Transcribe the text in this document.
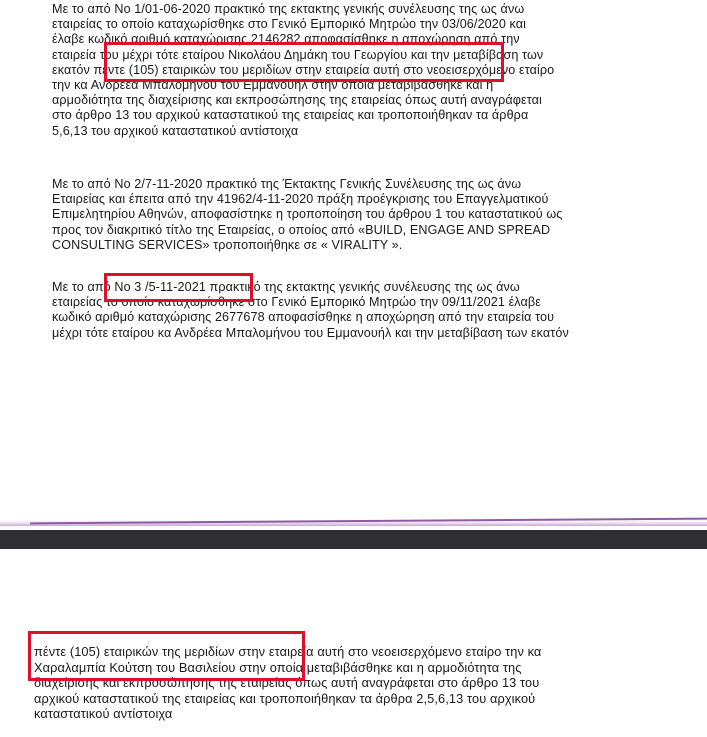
Με το από Νο 1/01-06-2020 πρακτικό της εκτακτης γενικής συνέλευσης της ως άνω
εταιρείας το οποίο καταχωρίσθηκε στο Γενικό Εμπορικό Μητρώο την 03/06/2020 και
έλαβε κωδικό αριθμό καταχώρισης 2146282 αποφασίσθηκε η αποχώρηση από την
εταιρεία του μέχρι τότε εταίρου Νικολάου Δημάκη του Γεωργίου και την μεταβίβαση των
εκατόν πέντε (105) εταιρικών του μεριδίων στην εταιρεία αυτή στο νεοεισερχόμενο εταίρο
την κα Ανδρέεα Μπαλομήνου του Εμμανουήλ στην οποία μεταβιβάσθηκε και η
αρμοδιότητα της διαχείρισης και εκπροσώπησης της εταιρείας όπως αυτή αναγράφεται
στο άρθρο 13 του αρχικού καταστατικού της εταιρείας και τροποποιήθηκαν τα άρθρα
5,6,13 του αρχικού καταστατικού αντίστοιχα
Με το από Νο 2/7-11-2020 πρακτικό της Έκτακτης Γενικής Συνέλευσης της ως άνω
Εταιρείας και έπειτα από την 41962/4-11-2020 πράξη προέγκρισης του Επαγγελματικού
Επιμελητηρίου Αθηνών, αποφασίστηκε η τροποποίηση του άρθρου 1 του καταστατικού ως
προς τον διακριτικό τίτλο της Εταιρείας, ο οποίος από «BUILD, ENGAGE AND SPREAD
CONSULTING SERVICES» τροποποιήθηκε σε « VIRALITY ».
Με το από Νο 3 /5-11-2021 πρακτικό της εκτακτης γενικής συνέλευσης της ως άνω
εταιρείας το οποίο καταχωρίσθηκε στο Γενικό Εμπορικό Μητρώο την 09/11/2021 έλαβε
κωδικό αριθμό καταχώρισης 2677678 αποφασίσθηκε η αποχώρηση από την εταιρεία του
μέχρι τότε εταίρου κα Ανδρέεα Μπαλομήνου του Εμμανουήλ και την μεταβίβαση των εκατόν
πέντε (105) εταιρικών της μεριδίων στην εταιρεία αυτή στο νεοεισερχόμενο εταίρο την κα
Χαραλαμπία Κούτση του Βασιλείου στην οποία μεταβιβάσθηκε και η αρμοδιότητα της
διαχείρισης και εκπροσώπησης της εταιρείας όπως αυτή αναγράφεται στο άρθρο 13 του
αρχικού καταστατικού της εταιρείας και τροποποιήθηκαν τα άρθρα 2,5,6,13 του αρχικού
καταστατικού αντίστοιχα
